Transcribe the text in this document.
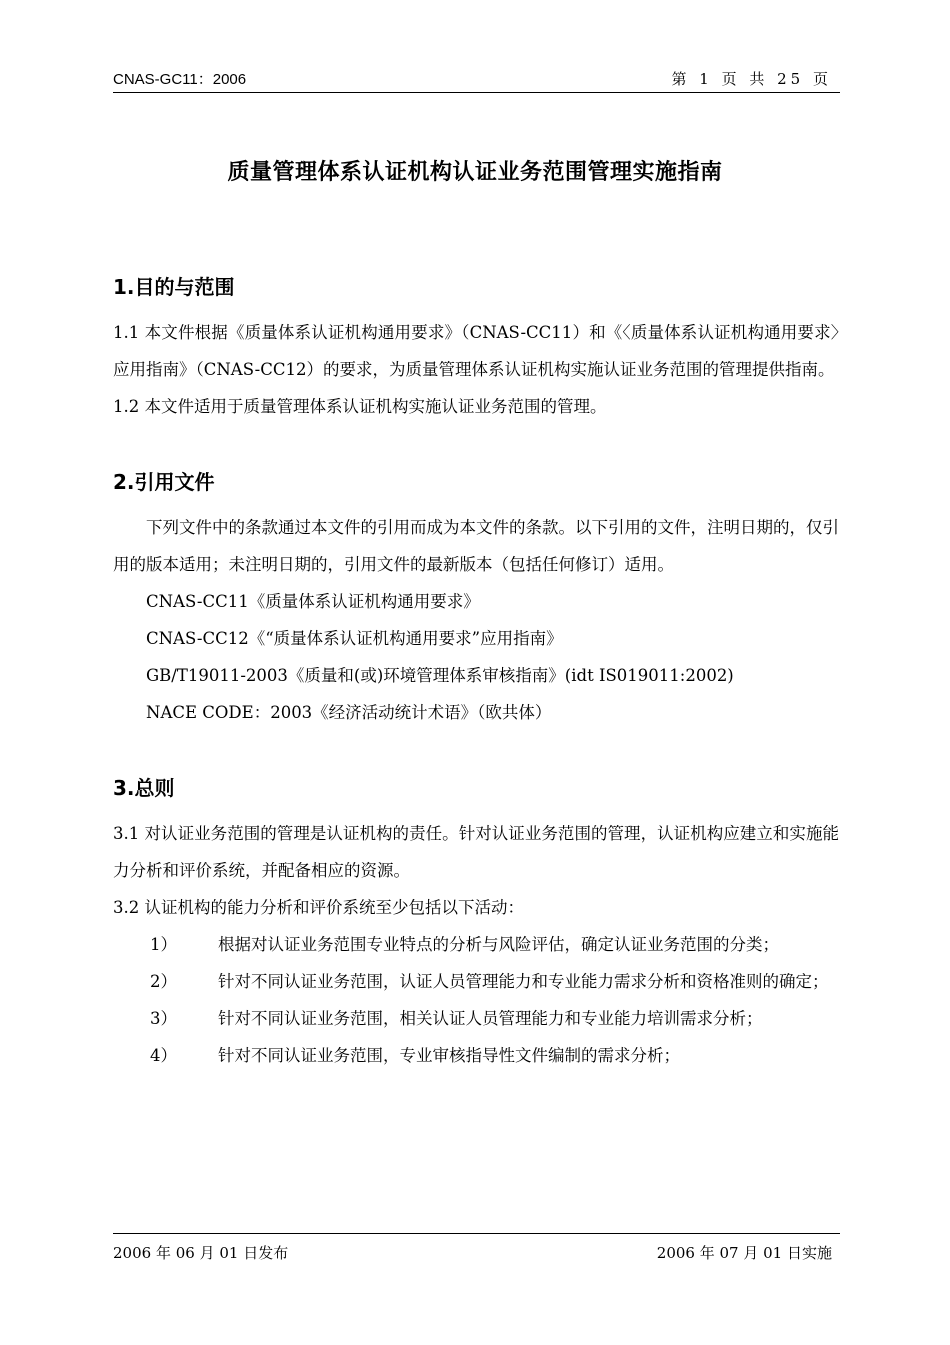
CNAS-GC11：2006	第 1 页 共 25 页
质量管理体系认证机构认证业务范围管理实施指南

1.目的与范围

1.1 本文件根据《质量体系认证机构通用要求》（CNAS-CC11）和《〈质量体系认证机构通用要求〉应用指南》（CNAS-CC12）的要求，为质量管理体系认证机构实施认证业务范围的管理提供指南。

1.2 本文件适用于质量管理体系认证机构实施认证业务范围的管理。

2.引用文件

下列文件中的条款通过本文件的引用而成为本文件的条款。以下引用的文件，注明日期的，仅引用的版本适用；未注明日期的，引用文件的最新版本（包括任何修订）适用。

CNAS-CC11《质量体系认证机构通用要求》

CNAS-CC12《“质量体系认证机构通用要求”应用指南》

GB/T19011-2003《质量和(或)环境管理体系审核指南》(idt IS019011:2002)

NACE CODE：2003《经济活动统计术语》（欧共体）

3.总则

3.1 对认证业务范围的管理是认证机构的责任。针对认证业务范围的管理，认证机构应建立和实施能力分析和评价系统，并配备相应的资源。

3.2 认证机构的能力分析和评价系统至少包括以下活动：

1） 根据对认证业务范围专业特点的分析与风险评估，确定认证业务范围的分类；

2） 针对不同认证业务范围，认证人员管理能力和专业能力需求分析和资格准则的确定；

3） 针对不同认证业务范围，相关认证人员管理能力和专业能力培训需求分析；

4） 针对不同认证业务范围，专业审核指导性文件编制的需求分析；

2006 年 06 月 01 日发布	2006 年 07 月 01 日实施
